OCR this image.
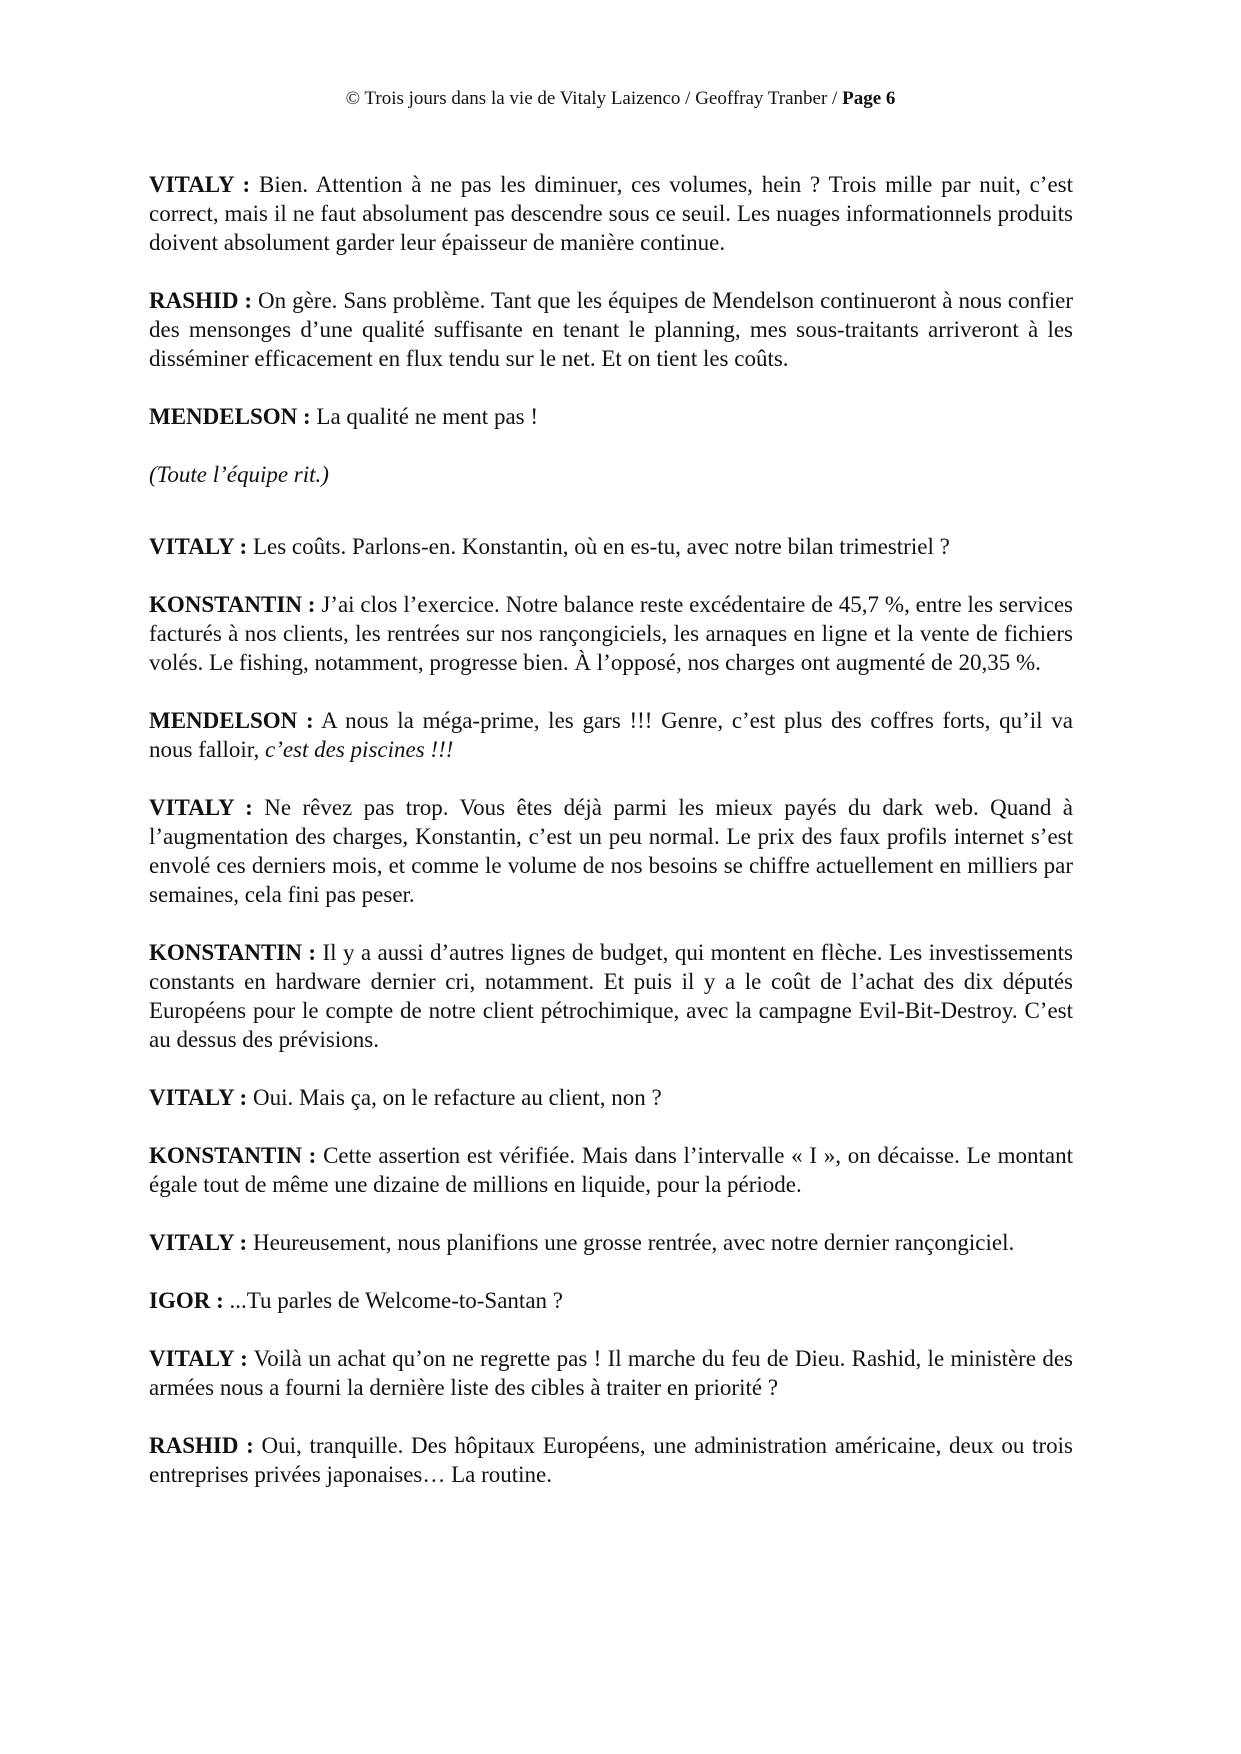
© Trois jours dans la vie de Vitaly Laizenco / Geoffray Tranber / Page 6

VITALY : Bien. Attention à ne pas les diminuer, ces volumes, hein ? Trois mille par nuit, c’est correct, mais il ne faut absolument pas descendre sous ce seuil. Les nuages informationnels produits doivent absolument garder leur épaisseur de manière continue.

RASHID : On gère. Sans problème. Tant que les équipes de Mendelson continueront à nous confier des mensonges d’une qualité suffisante en tenant le planning, mes sous-traitants arriveront à les disséminer efficacement en flux tendu sur le net. Et on tient les coûts.

MENDELSON : La qualité ne ment pas !

(Toute l’équipe rit.)

VITALY : Les coûts. Parlons-en. Konstantin, où en es-tu, avec notre bilan trimestriel ?

KONSTANTIN : J’ai clos l’exercice. Notre balance reste excédentaire de 45,7 %, entre les services facturés à nos clients, les rentrées sur nos rançongiciels, les arnaques en ligne et la vente de fichiers volés. Le fishing, notamment, progresse bien. À l’opposé, nos charges ont augmenté de 20,35 %.

MENDELSON : A nous la méga-prime, les gars !!! Genre, c’est plus des coffres forts, qu’il va nous falloir, c’est des piscines !!!

VITALY : Ne rêvez pas trop. Vous êtes déjà parmi les mieux payés du dark web. Quand à l’augmentation des charges, Konstantin, c’est un peu normal. Le prix des faux profils internet s’est envolé ces derniers mois, et comme le volume de nos besoins se chiffre actuellement en milliers par semaines, cela fini pas peser.

KONSTANTIN : Il y a aussi d’autres lignes de budget, qui montent en flèche. Les investissements constants en hardware dernier cri, notamment. Et puis il y a le coût de l’achat des dix députés Européens pour le compte de notre client pétrochimique, avec la campagne Evil-Bit-Destroy. C’est au dessus des prévisions.

VITALY : Oui. Mais ça, on le refacture au client, non ?

KONSTANTIN : Cette assertion est vérifiée. Mais dans l’intervalle « I », on décaisse. Le montant égale tout de même une dizaine de millions en liquide, pour la période.

VITALY : Heureusement, nous planifions une grosse rentrée, avec notre dernier rançongiciel.

IGOR : ...Tu parles de Welcome-to-Santan ?

VITALY : Voilà un achat qu’on ne regrette pas ! Il marche du feu de Dieu. Rashid, le ministère des armées nous a fourni la dernière liste des cibles à traiter en priorité ?

RASHID : Oui, tranquille. Des hôpitaux Européens, une administration américaine, deux ou trois entreprises privées japonaises… La routine.
